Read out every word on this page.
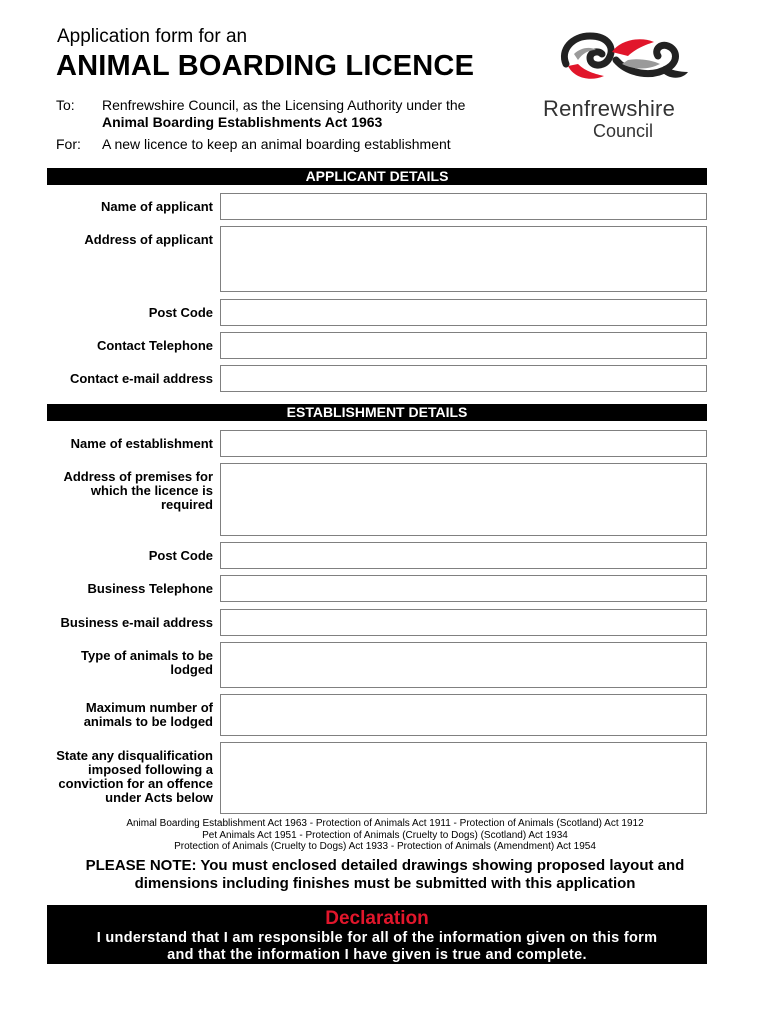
Application form for an
ANIMAL BOARDING LICENCE
To: Renfrewshire Council, as the Licensing Authority under the
Animal Boarding Establishments Act 1963
For: A new licence to keep an animal boarding establishment
Renfrewshire
Council
APPLICANT DETAILS
Name of applicant
Address of applicant
Post Code
Contact Telephone
Contact e-mail address
ESTABLISHMENT DETAILS
Name of establishment
Address of premises for
which the licence is
required
Post Code
Business Telephone
Business e-mail address
Type of animals to be
lodged
Maximum number of
animals to be lodged
State any disqualification
imposed following a
conviction for an offence
under Acts below
Animal Boarding Establishment Act 1963 - Protection of Animals Act 1911 - Protection of Animals (Scotland) Act 1912
Pet Animals Act 1951 - Protection of Animals (Cruelty to Dogs) (Scotland) Act 1934
Protection of Animals (Cruelty to Dogs) Act 1933 - Protection of Animals (Amendment) Act 1954
PLEASE NOTE: You must enclosed detailed drawings showing proposed layout and
dimensions including finishes must be submitted with this application
Declaration
I understand that I am responsible for all of the information given on this form
and that the information I have given is true and complete.
